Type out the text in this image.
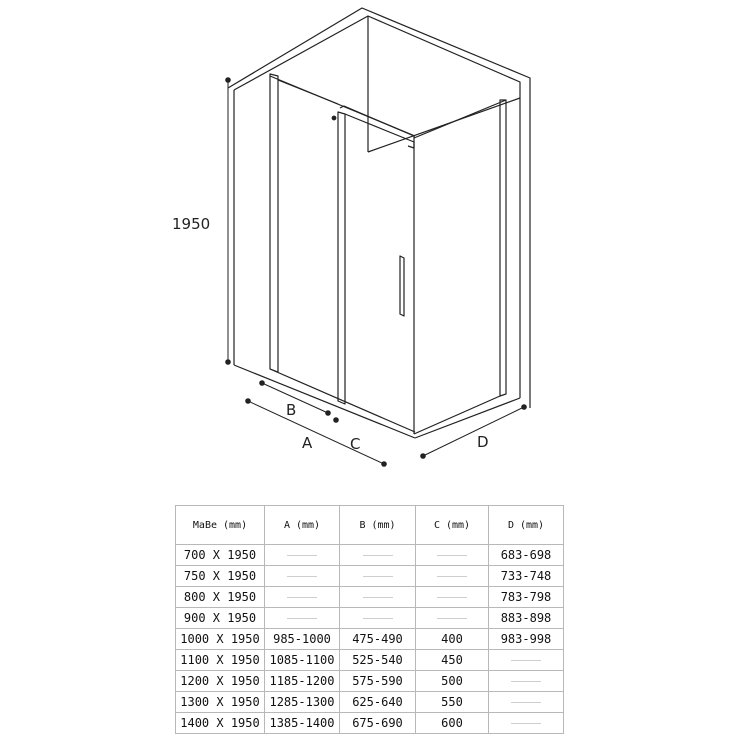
1950
B
A	C	D
MaBe (mm)	A (mm)	B (mm)	C (mm)	D (mm)
700 X 1950				683-698
750 X 1950				733-748
800 X 1950				783-798
900 X 1950				883-898
1000 X 1950	985-1000	475-490	400	983-998
1100 X 1950	1085-1100	525-540	450	
1200 X 1950	1185-1200	575-590	500	
1300 X 1950	1285-1300	625-640	550	
1400 X 1950	1385-1400	675-690	600	
